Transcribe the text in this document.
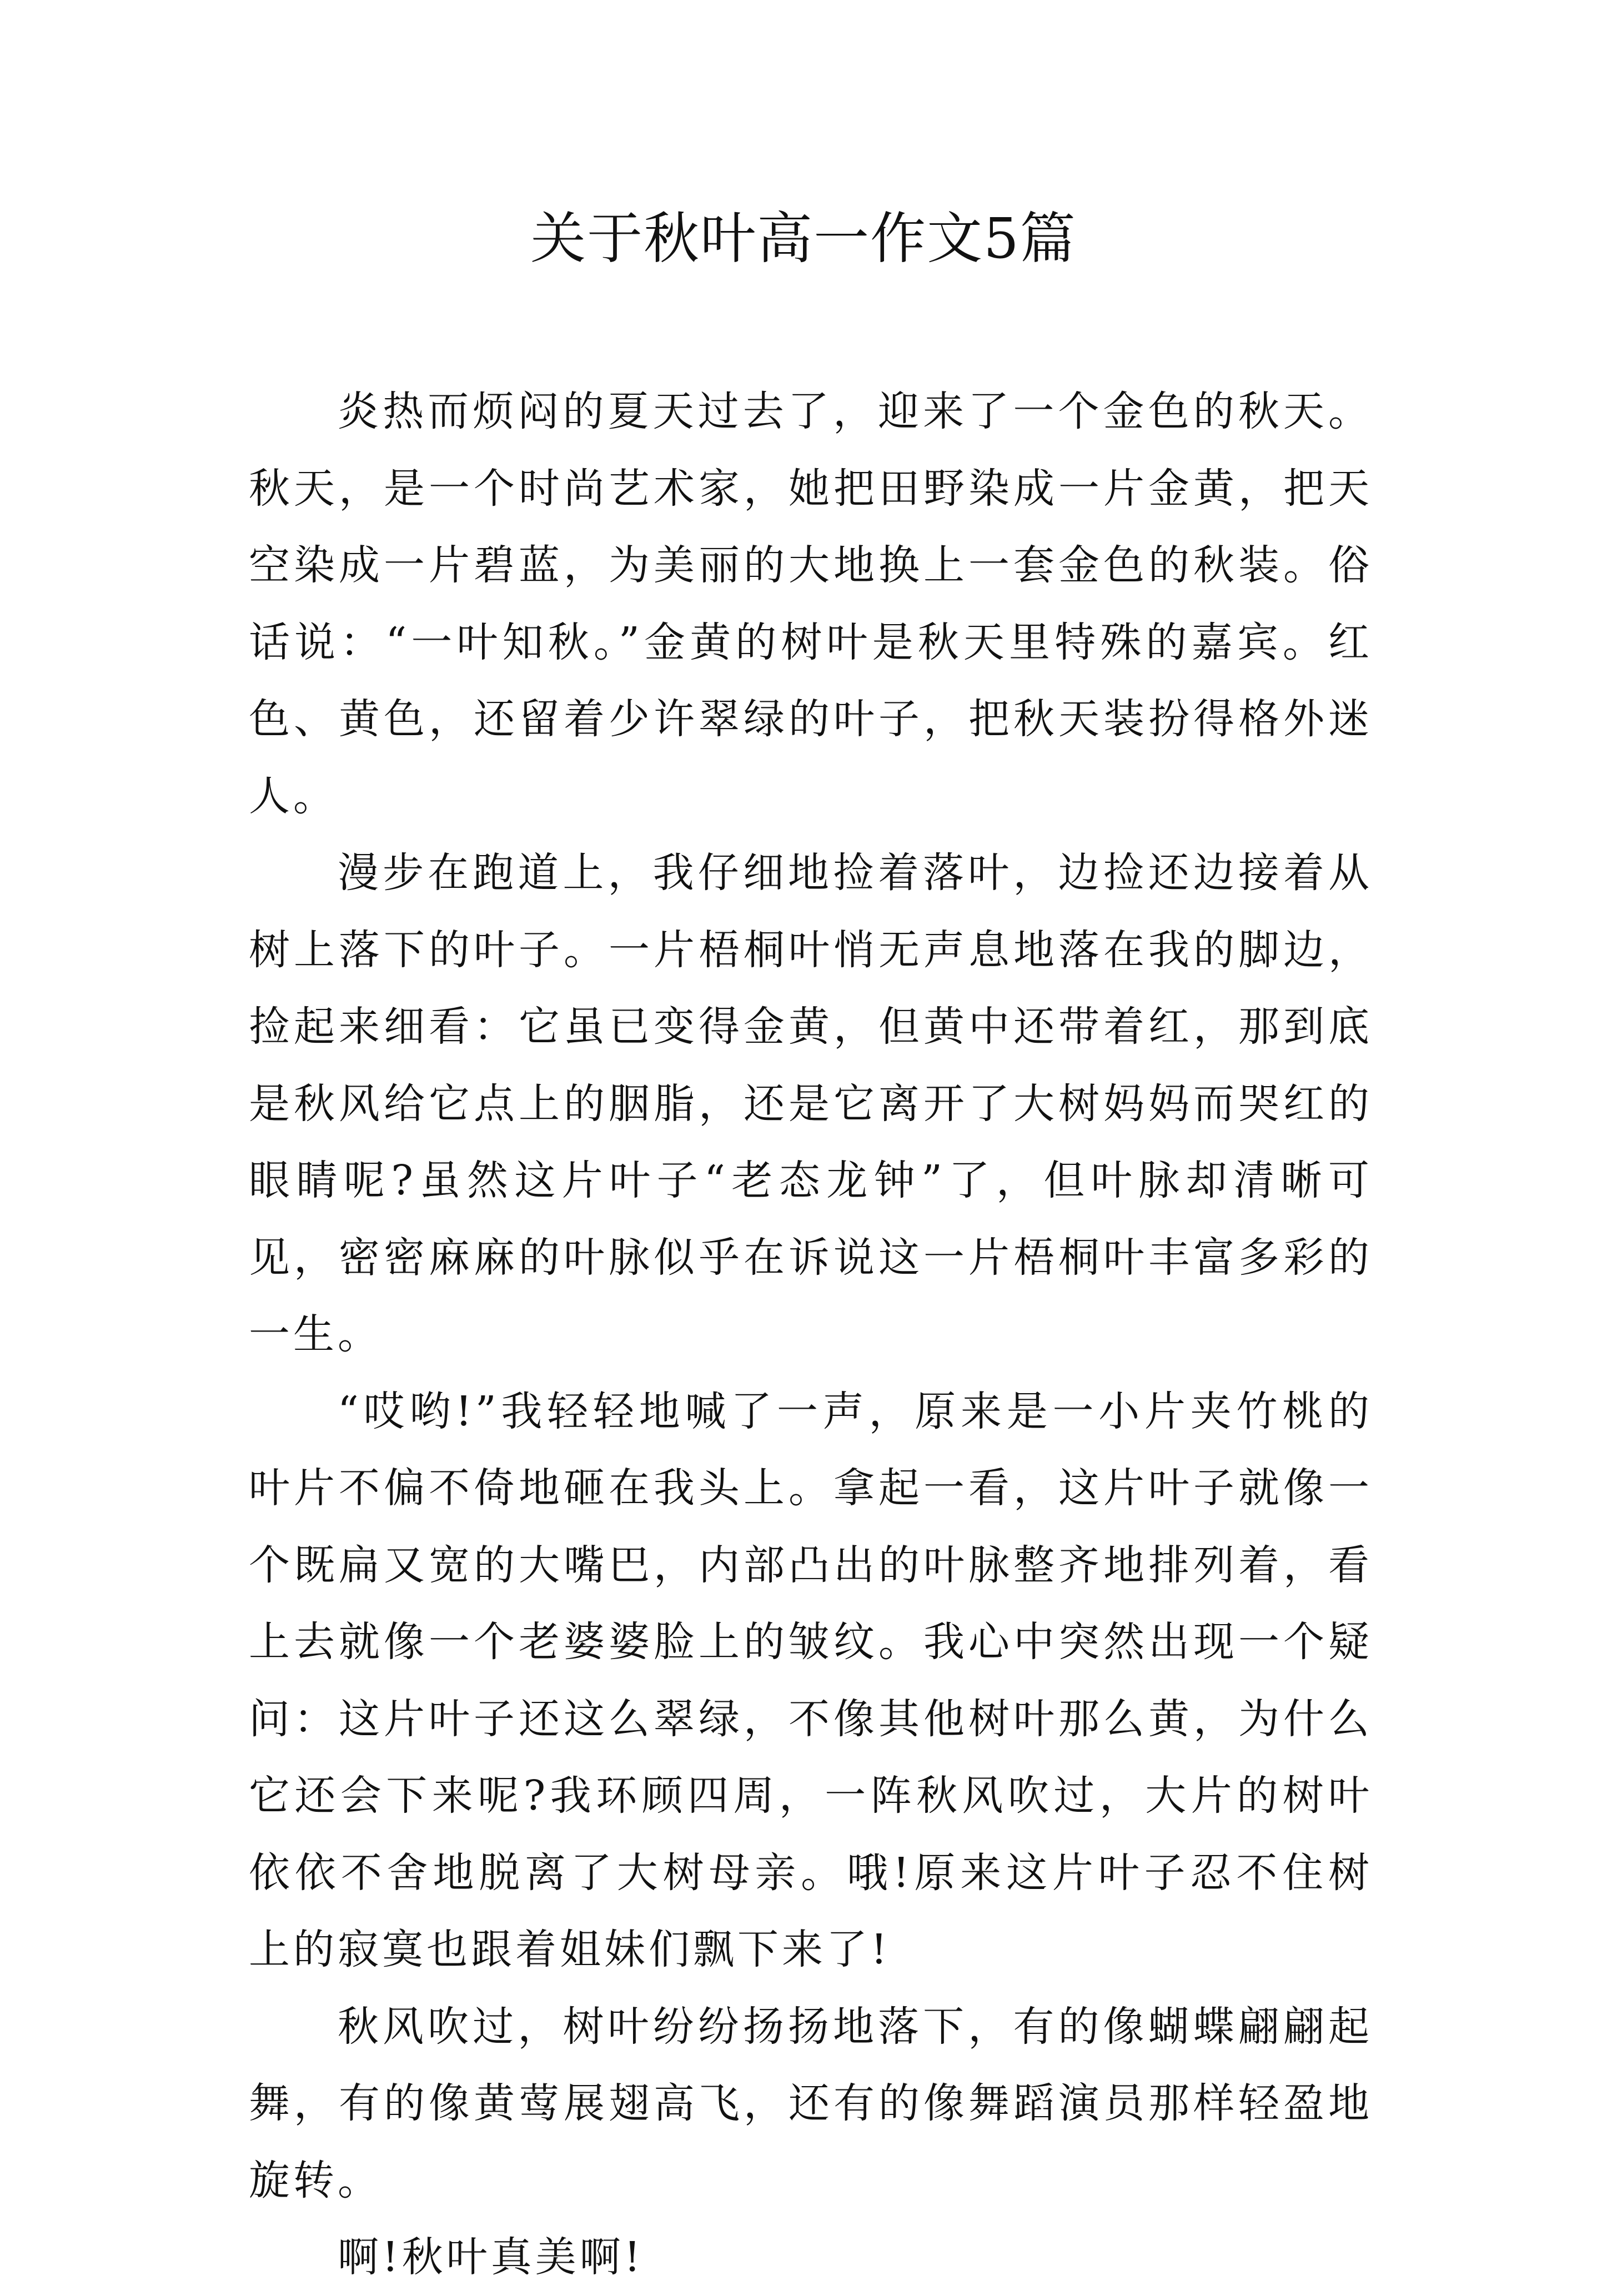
关于秋叶高一作文5篇

炎热而烦闷的夏天过去了，迎来了一个金色的秋天。秋天，是一个时尚艺术家，她把田野染成一片金黄，把天空染成一片碧蓝，为美丽的大地换上一套金色的秋装。俗话说：“一叶知秋。”金黄的树叶是秋天里特殊的嘉宾。红色、黄色，还留着少许翠绿的叶子，把秋天装扮得格外迷人。

漫步在跑道上，我仔细地捡着落叶，边捡还边接着从树上落下的叶子。一片梧桐叶悄无声息地落在我的脚边，捡起来细看：它虽已变得金黄，但黄中还带着红，那到底是秋风给它点上的胭脂，还是它离开了大树妈妈而哭红的眼睛呢?虽然这片叶子“老态龙钟”了，但叶脉却清晰可见，密密麻麻的叶脉似乎在诉说这一片梧桐叶丰富多彩的一生。

“哎哟!”我轻轻地喊了一声，原来是一小片夹竹桃的叶片不偏不倚地砸在我头上。拿起一看，这片叶子就像一个既扁又宽的大嘴巴，内部凸出的叶脉整齐地排列着，看上去就像一个老婆婆脸上的皱纹。我心中突然出现一个疑问：这片叶子还这么翠绿，不像其他树叶那么黄，为什么它还会下来呢?我环顾四周，一阵秋风吹过，大片的树叶依依不舍地脱离了大树母亲。哦!原来这片叶子忍不住树上的寂寞也跟着姐妹们飘下来了!

秋风吹过，树叶纷纷扬扬地落下，有的像蝴蝶翩翩起舞，有的像黄莺展翅高飞，还有的像舞蹈演员那样轻盈地旋转。

啊!秋叶真美啊!
